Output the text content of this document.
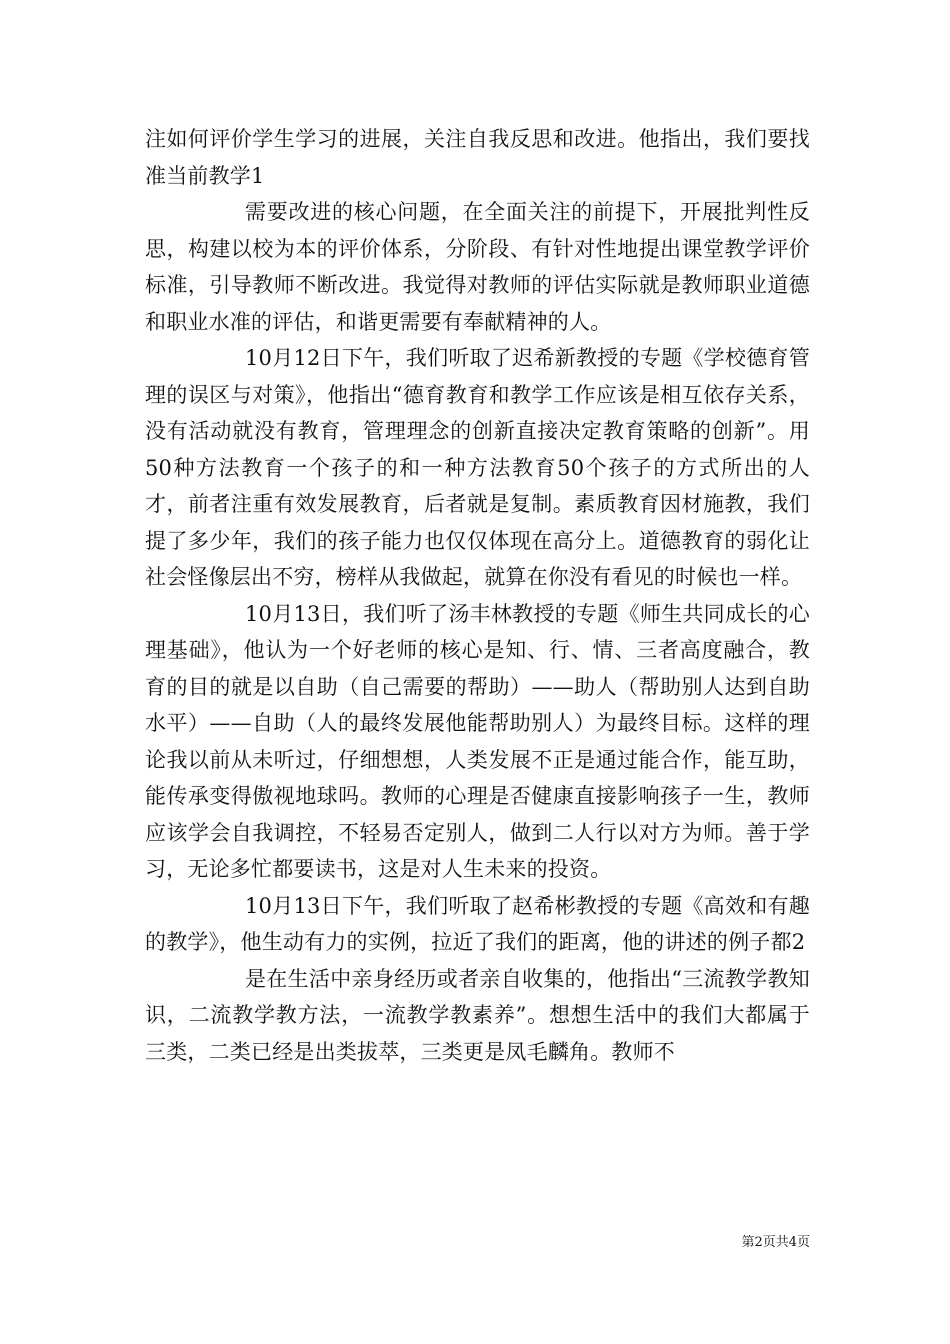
注如何评价学生学习的进展，关注自我反思和改进。他指出，我们要找准当前教学1

需要改进的核心问题，在全面关注的前提下，开展批判性反思，构建以校为本的评价体系，分阶段、有针对性地提出课堂教学评价标准，引导教师不断改进。我觉得对教师的评估实际就是教师职业道德和职业水准的评估，和谐更需要有奉献精神的人。

10月12日下午，我们听取了迟希新教授的专题《学校德育管理的误区与对策》，他指出“德育教育和教学工作应该是相互依存关系，没有活动就没有教育，管理理念的创新直接决定教育策略的创新”。用50种方法教育一个孩子的和一种方法教育50个孩子的方式所出的人才，前者注重有效发展教育，后者就是复制。素质教育因材施教，我们提了多少年，我们的孩子能力也仅仅体现在高分上。道德教育的弱化让社会怪像层出不穷，榜样从我做起，就算在你没有看见的时候也一样。

10月13日，我们听了汤丰林教授的专题《师生共同成长的心理基础》，他认为一个好老师的核心是知、行、情、三者高度融合，教育的目的就是以自助（自己需要的帮助）——助人（帮助别人达到自助水平）——自助（人的最终发展他能帮助别人）为最终目标。这样的理论我以前从未听过，仔细想想，人类发展不正是通过能合作，能互助，能传承变得傲视地球吗。教师的心理是否健康直接影响孩子一生，教师应该学会自我调控，不轻易否定别人，做到二人行以对方为师。善于学习，无论多忙都要读书，这是对人生未来的投资。

10月13日下午，我们听取了赵希彬教授的专题《高效和有趣的教学》，他生动有力的实例，拉近了我们的距离，他的讲述的例子都2

是在生活中亲身经历或者亲自收集的，他指出“三流教学教知识，二流教学教方法，一流教学教素养”。想想生活中的我们大都属于三类，二类已经是出类拔萃，三类更是凤毛麟角。教师不

第2页共4页
